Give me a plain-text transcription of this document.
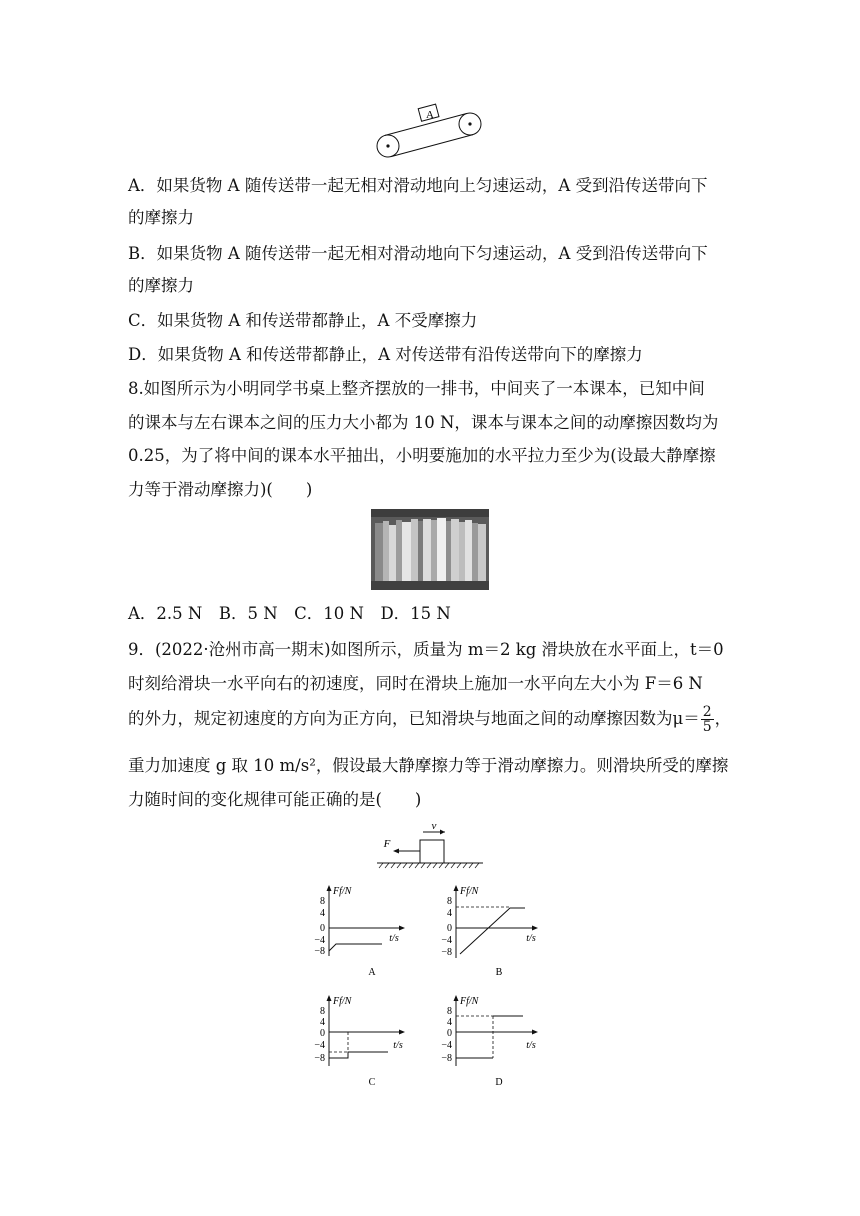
A
A．如果货物 A 随传送带一起无相对滑动地向上匀速运动，A 受到沿传送带向下
的摩擦力
B．如果货物 A 随传送带一起无相对滑动地向下匀速运动，A 受到沿传送带向下
的摩擦力
C．如果货物 A 和传送带都静止，A 不受摩擦力
D．如果货物 A 和传送带都静止，A 对传送带有沿传送带向下的摩擦力
8.如图所示为小明同学书桌上整齐摆放的一排书，中间夹了一本课本，已知中间
的课本与左右课本之间的压力大小都为 10 N，课本与课本之间的动摩擦因数均为
0.25，为了将中间的课本水平抽出，小明要施加的水平拉力至少为(设最大静摩擦
力等于滑动摩擦力)(　　)
A．2.5 N　B．5 N　C．10 N　D．15 N
9．(2022·沧州市高一期末)如图所示，质量为 m＝2 kg 滑块放在水平面上，t＝0
时刻给滑块一水平向右的初速度，同时在滑块上施加一水平向左大小为 F＝6 N
的外力，规定初速度的方向为正方向，已知滑块与地面之间的动摩擦因数为$\mu= \frac{2}{5}$ ，
重力加速度 g 取 10 m/s²，假设最大静摩擦力等于滑动摩擦力。则滑块所受的摩擦
力随时间的变化规律可能正确的是(　　)
v
F
Ff/N
8
4
0
−4
−8
t/s
A
Ff/N
8
4
0
−4
−8
t/s
B
Ff/N
8
4
0
−4
−8
t/s
C
Ff/N
8
4
0
−4
−8
t/s
D
